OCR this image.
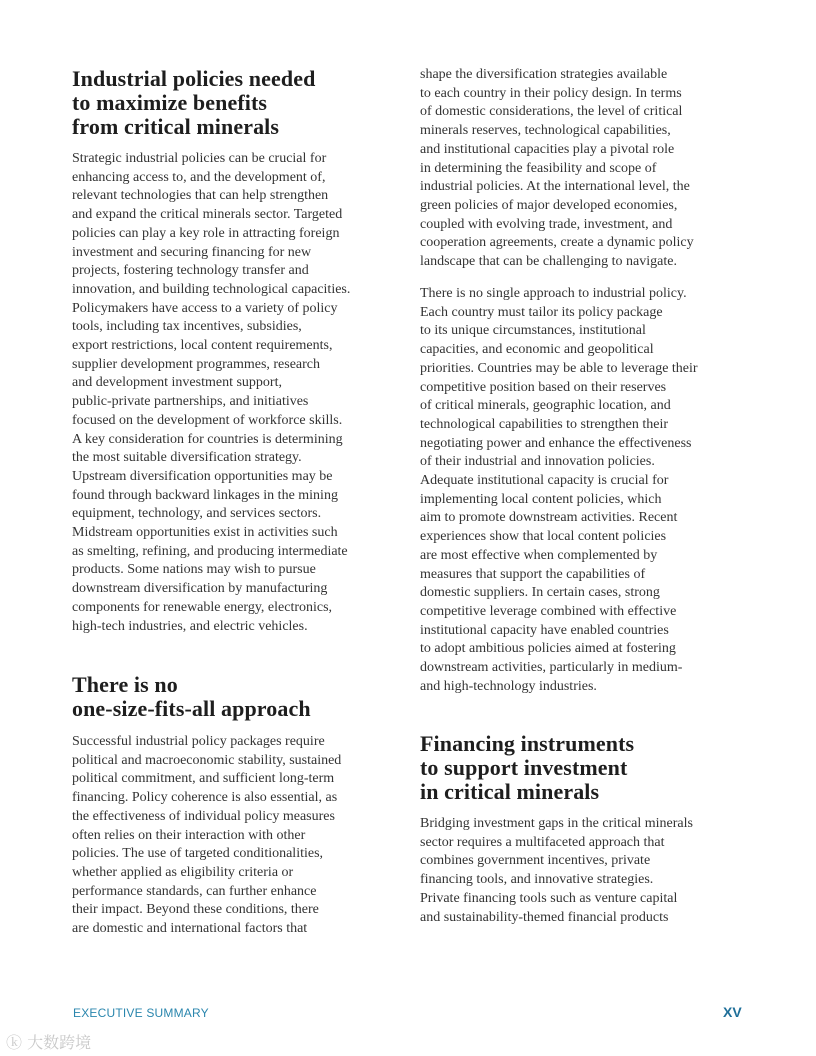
Industrial policies needed
to maximize benefits
from critical minerals
Strategic industrial policies can be crucial for
enhancing access to, and the development of,
relevant technologies that can help strengthen
and expand the critical minerals sector. Targeted
policies can play a key role in attracting foreign
investment and securing financing for new
projects, fostering technology transfer and
innovation, and building technological capacities.
Policymakers have access to a variety of policy
tools, including tax incentives, subsidies,
export restrictions, local content requirements,
supplier development programmes, research
and development investment support,
public-private partnerships, and initiatives
focused on the development of workforce skills.
A key consideration for countries is determining
the most suitable diversification strategy.
Upstream diversification opportunities may be
found through backward linkages in the mining
equipment, technology, and services sectors.
Midstream opportunities exist in activities such
as smelting, refining, and producing intermediate
products. Some nations may wish to pursue
downstream diversification by manufacturing
components for renewable energy, electronics,
high-tech industries, and electric vehicles.
There is no
one-size-fits-all approach
Successful industrial policy packages require
political and macroeconomic stability, sustained
political commitment, and sufficient long-term
financing. Policy coherence is also essential, as
the effectiveness of individual policy measures
often relies on their interaction with other
policies. The use of targeted conditionalities,
whether applied as eligibility criteria or
performance standards, can further enhance
their impact. Beyond these conditions, there
are domestic and international factors that
shape the diversification strategies available
to each country in their policy design. In terms
of domestic considerations, the level of critical
minerals reserves, technological capabilities,
and institutional capacities play a pivotal role
in determining the feasibility and scope of
industrial policies. At the international level, the
green policies of major developed economies,
coupled with evolving trade, investment, and
cooperation agreements, create a dynamic policy
landscape that can be challenging to navigate.
There is no single approach to industrial policy.
Each country must tailor its policy package
to its unique circumstances, institutional
capacities, and economic and geopolitical
priorities. Countries may be able to leverage their
competitive position based on their reserves
of critical minerals, geographic location, and
technological capabilities to strengthen their
negotiating power and enhance the effectiveness
of their industrial and innovation policies.
Adequate institutional capacity is crucial for
implementing local content policies, which
aim to promote downstream activities. Recent
experiences show that local content policies
are most effective when complemented by
measures that support the capabilities of
domestic suppliers. In certain cases, strong
competitive leverage combined with effective
institutional capacity have enabled countries
to adopt ambitious policies aimed at fostering
downstream activities, particularly in medium-
and high-technology industries.
Financing instruments
to support investment
in critical minerals
Bridging investment gaps in the critical minerals
sector requires a multifaceted approach that
combines government incentives, private
financing tools, and innovative strategies.
Private financing tools such as venture capital
and sustainability-themed financial products
EXECUTIVE SUMMARY	XV
ⓚ 大数跨境
